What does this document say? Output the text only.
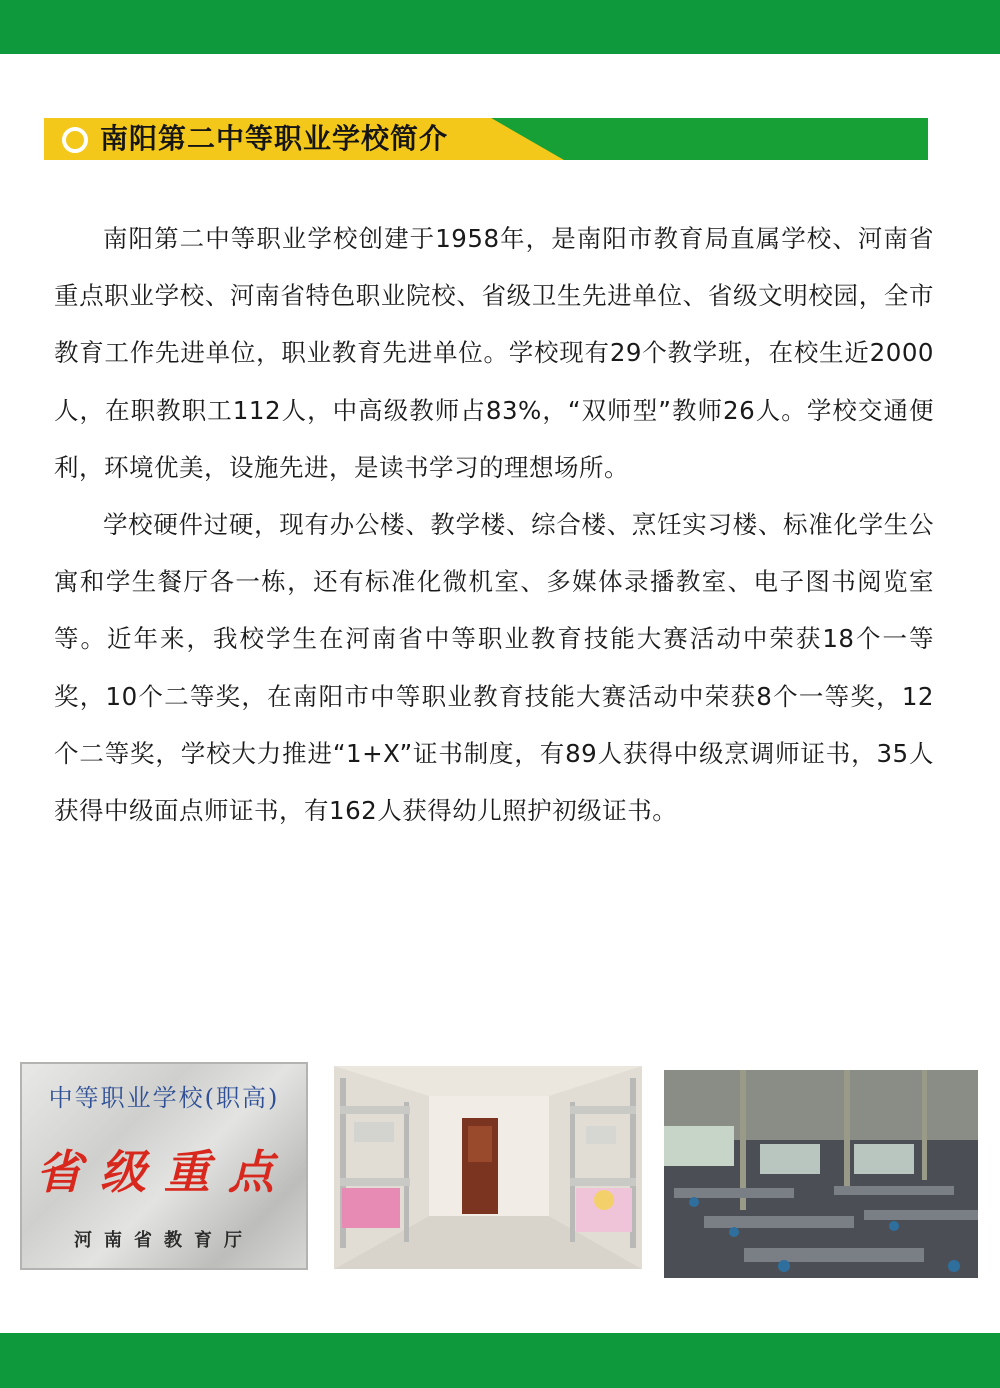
南阳第二中等职业学校简介

南阳第二中等职业学校创建于1958年，是南阳市教育局直属学校、河南省重点职业学校、河南省特色职业院校、省级卫生先进单位、省级文明校园，全市教育工作先进单位，职业教育先进单位。学校现有29个教学班，在校生近2000人，在职教职工112人，中高级教师占83%，“双师型”教师26人。学校交通便利，环境优美，设施先进，是读书学习的理想场所。

学校硬件过硬，现有办公楼、教学楼、综合楼、烹饪实习楼、标准化学生公寓和学生餐厅各一栋，还有标准化微机室、多媒体录播教室、电子图书阅览室等。近年来，我校学生在河南省中等职业教育技能大赛活动中荣获18个一等奖，10个二等奖，在南阳市中等职业教育技能大赛活动中荣获8个一等奖，12个二等奖，学校大力推进“1+X”证书制度，有89人获得中级烹调师证书，35人获得中级面点师证书，有162人获得幼儿照护初级证书。

中等职业学校(职高)
省级重点
河南省教育厅
